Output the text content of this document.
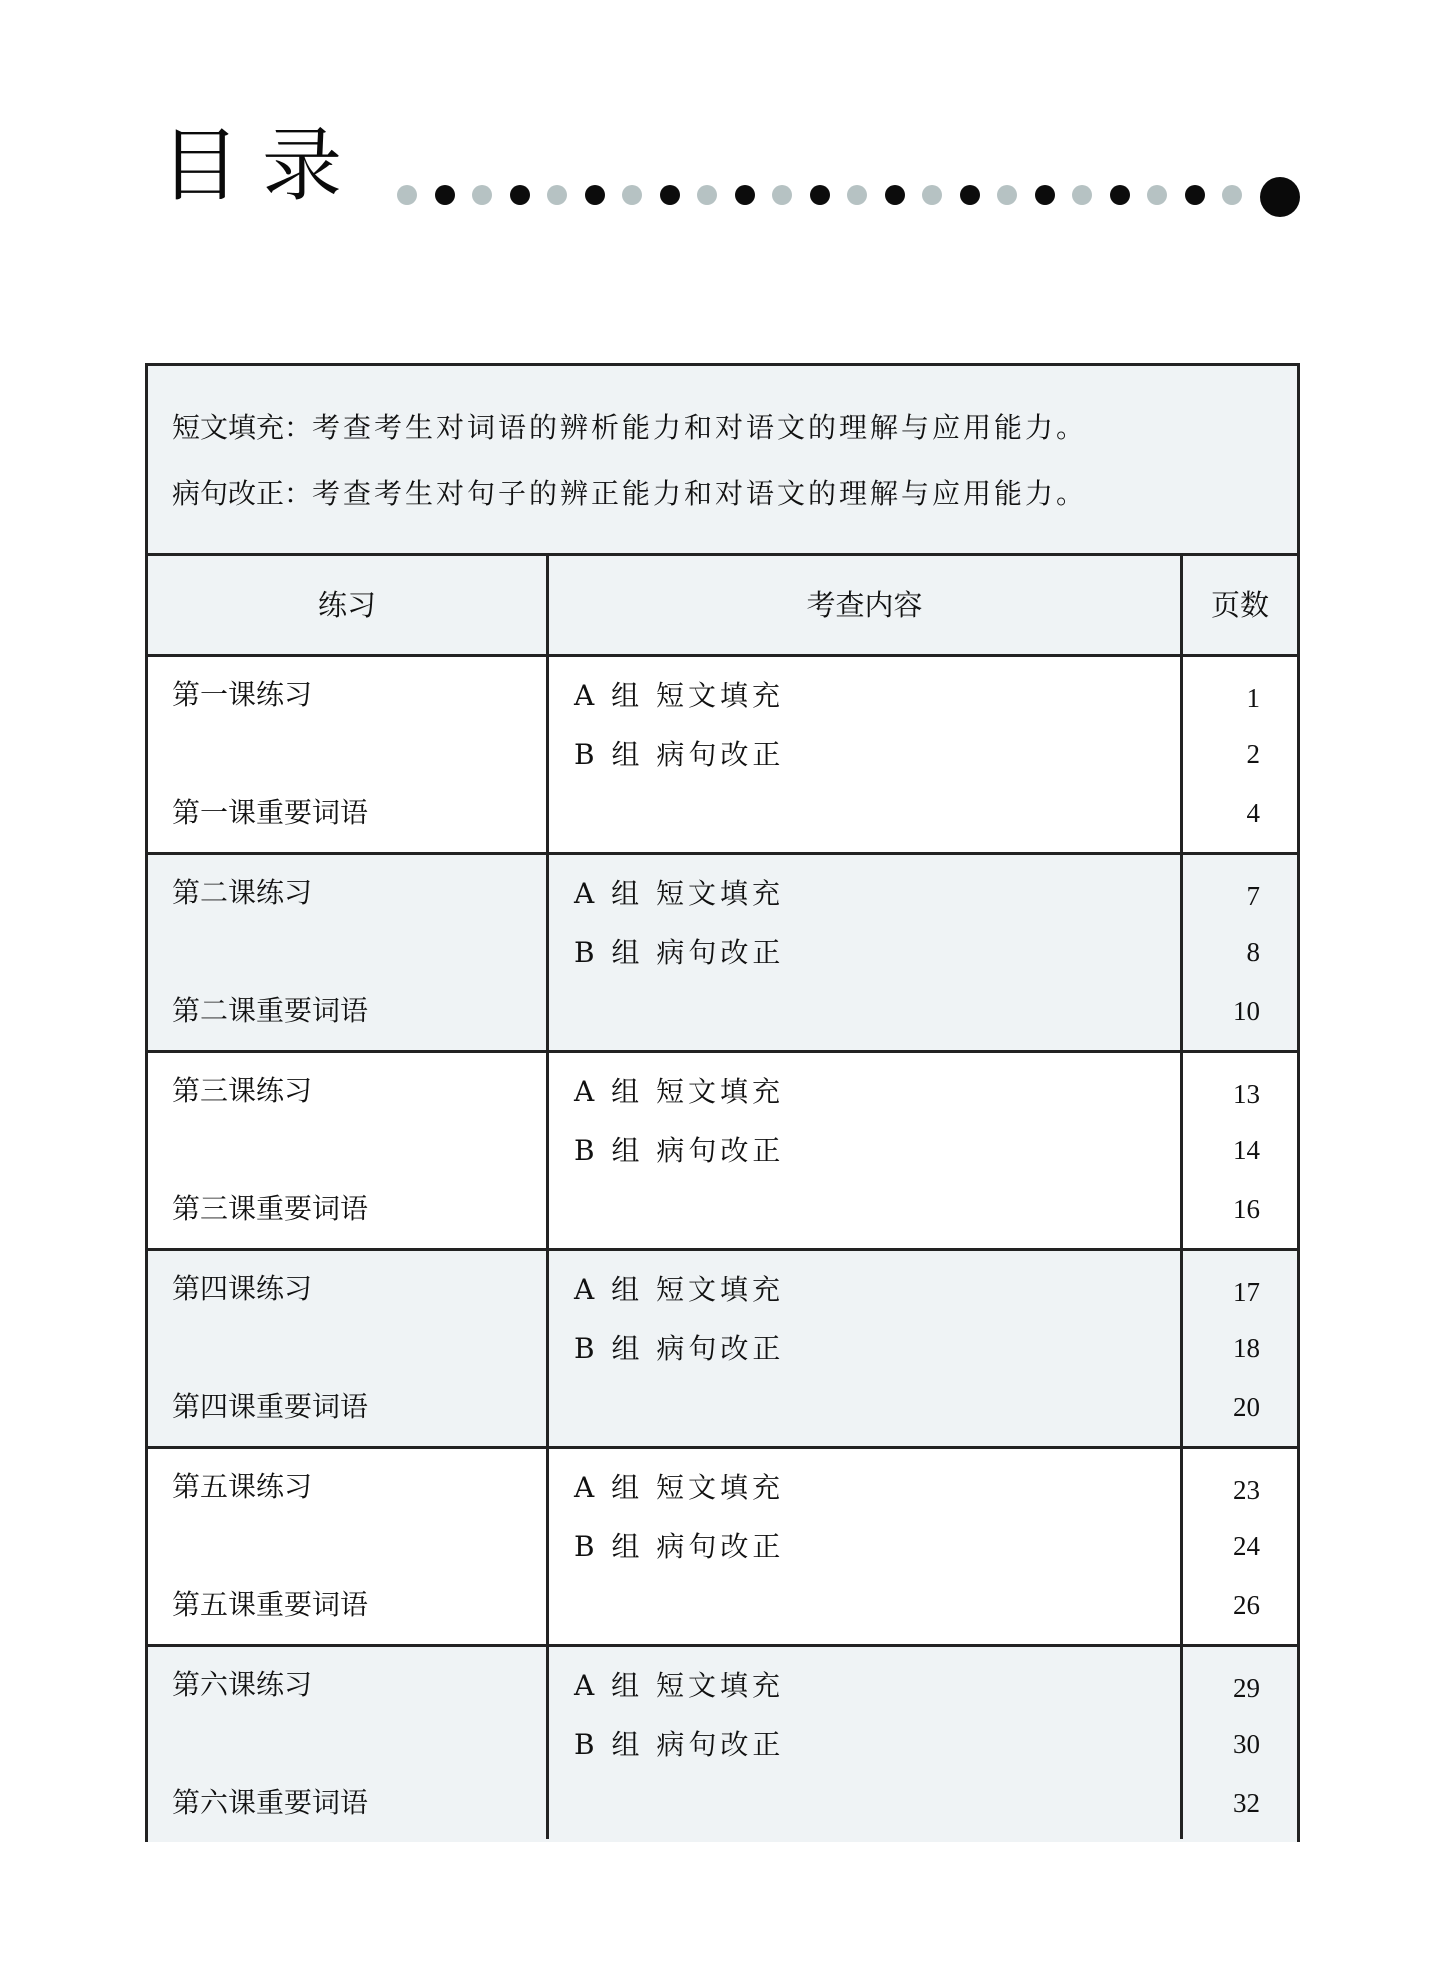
目录
短文填充：考查考生对词语的辨析能力和对语文的理解与应用能力。
病句改正：考查考生对句子的辨正能力和对语文的理解与应用能力。
练习	考查内容	页数
第一课练习
第一课重要词语
A 组 短文填充
B 组 病句改正
1
2
4
第二课练习
第二课重要词语
A 组 短文填充
B 组 病句改正
7
8
10
第三课练习
第三课重要词语
A 组 短文填充
B 组 病句改正
13
14
16
第四课练习
第四课重要词语
A 组 短文填充
B 组 病句改正
17
18
20
第五课练习
第五课重要词语
A 组 短文填充
B 组 病句改正
23
24
26
第六课练习
第六课重要词语
A 组 短文填充
B 组 病句改正
29
30
32
